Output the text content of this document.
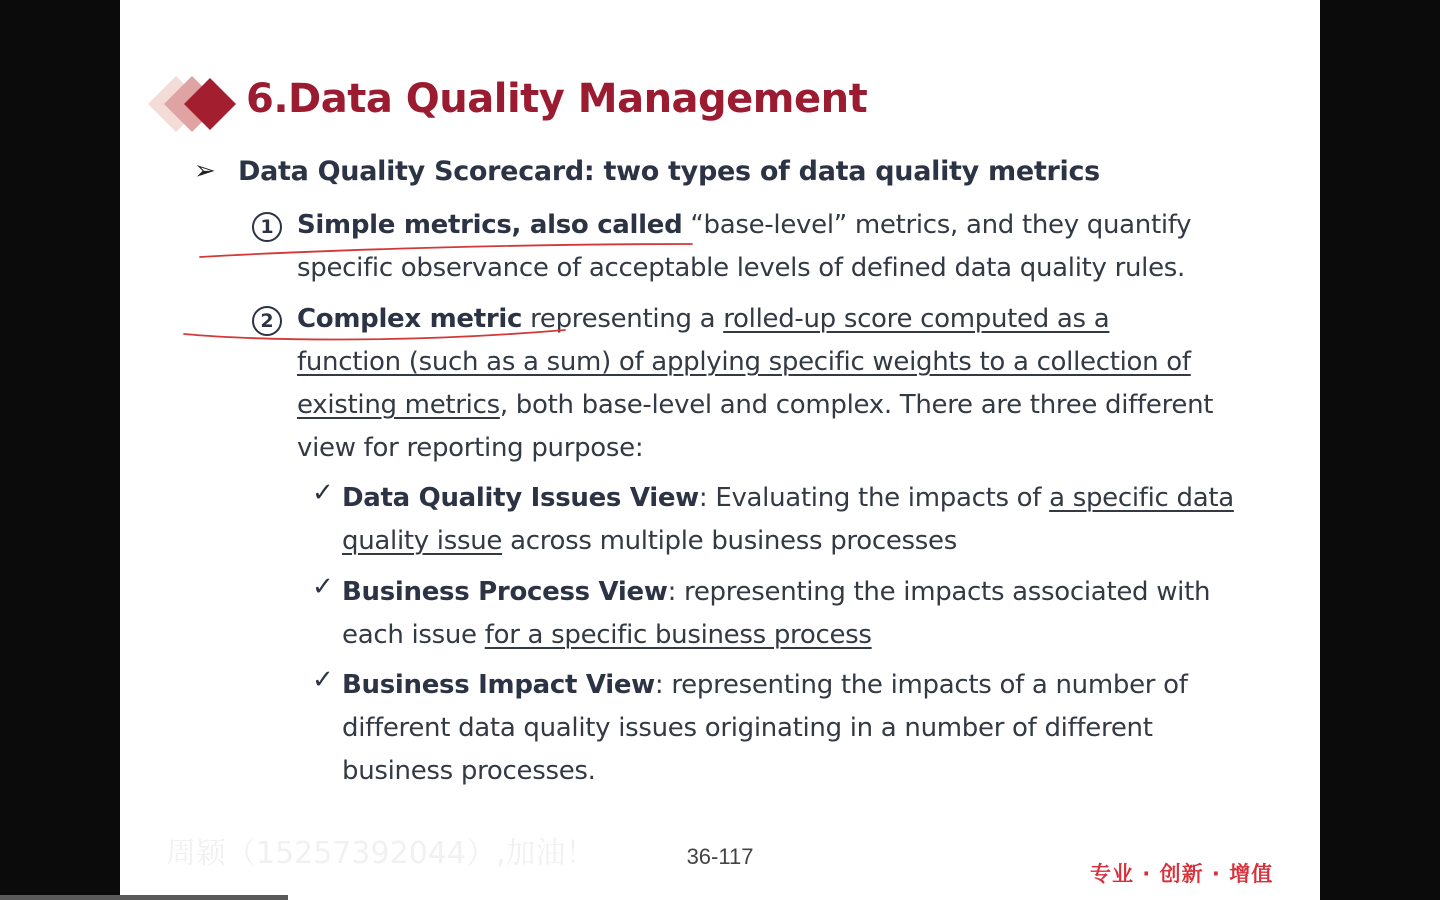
6.Data Quality Management
➢ Data Quality Scorecard: two types of data quality metrics
1 Simple metrics, also called “base-level” metrics, and they quantify
specific observance of acceptable levels of defined data quality rules.
2 Complex metric representing a rolled-up score computed as a
function (such as a sum) of applying specific weights to a collection of
existing metrics, both base-level and complex. There are three different
view for reporting purpose:
✓ Data Quality Issues View: Evaluating the impacts of a specific data
quality issue across multiple business processes
✓ Business Process View: representing the impacts associated with
each issue for a specific business process
✓ Business Impact View: representing the impacts of a number of
different data quality issues originating in a number of different
business processes.
周颖（15257392044）,加油！	36-117
专业 · 创新 · 增值
